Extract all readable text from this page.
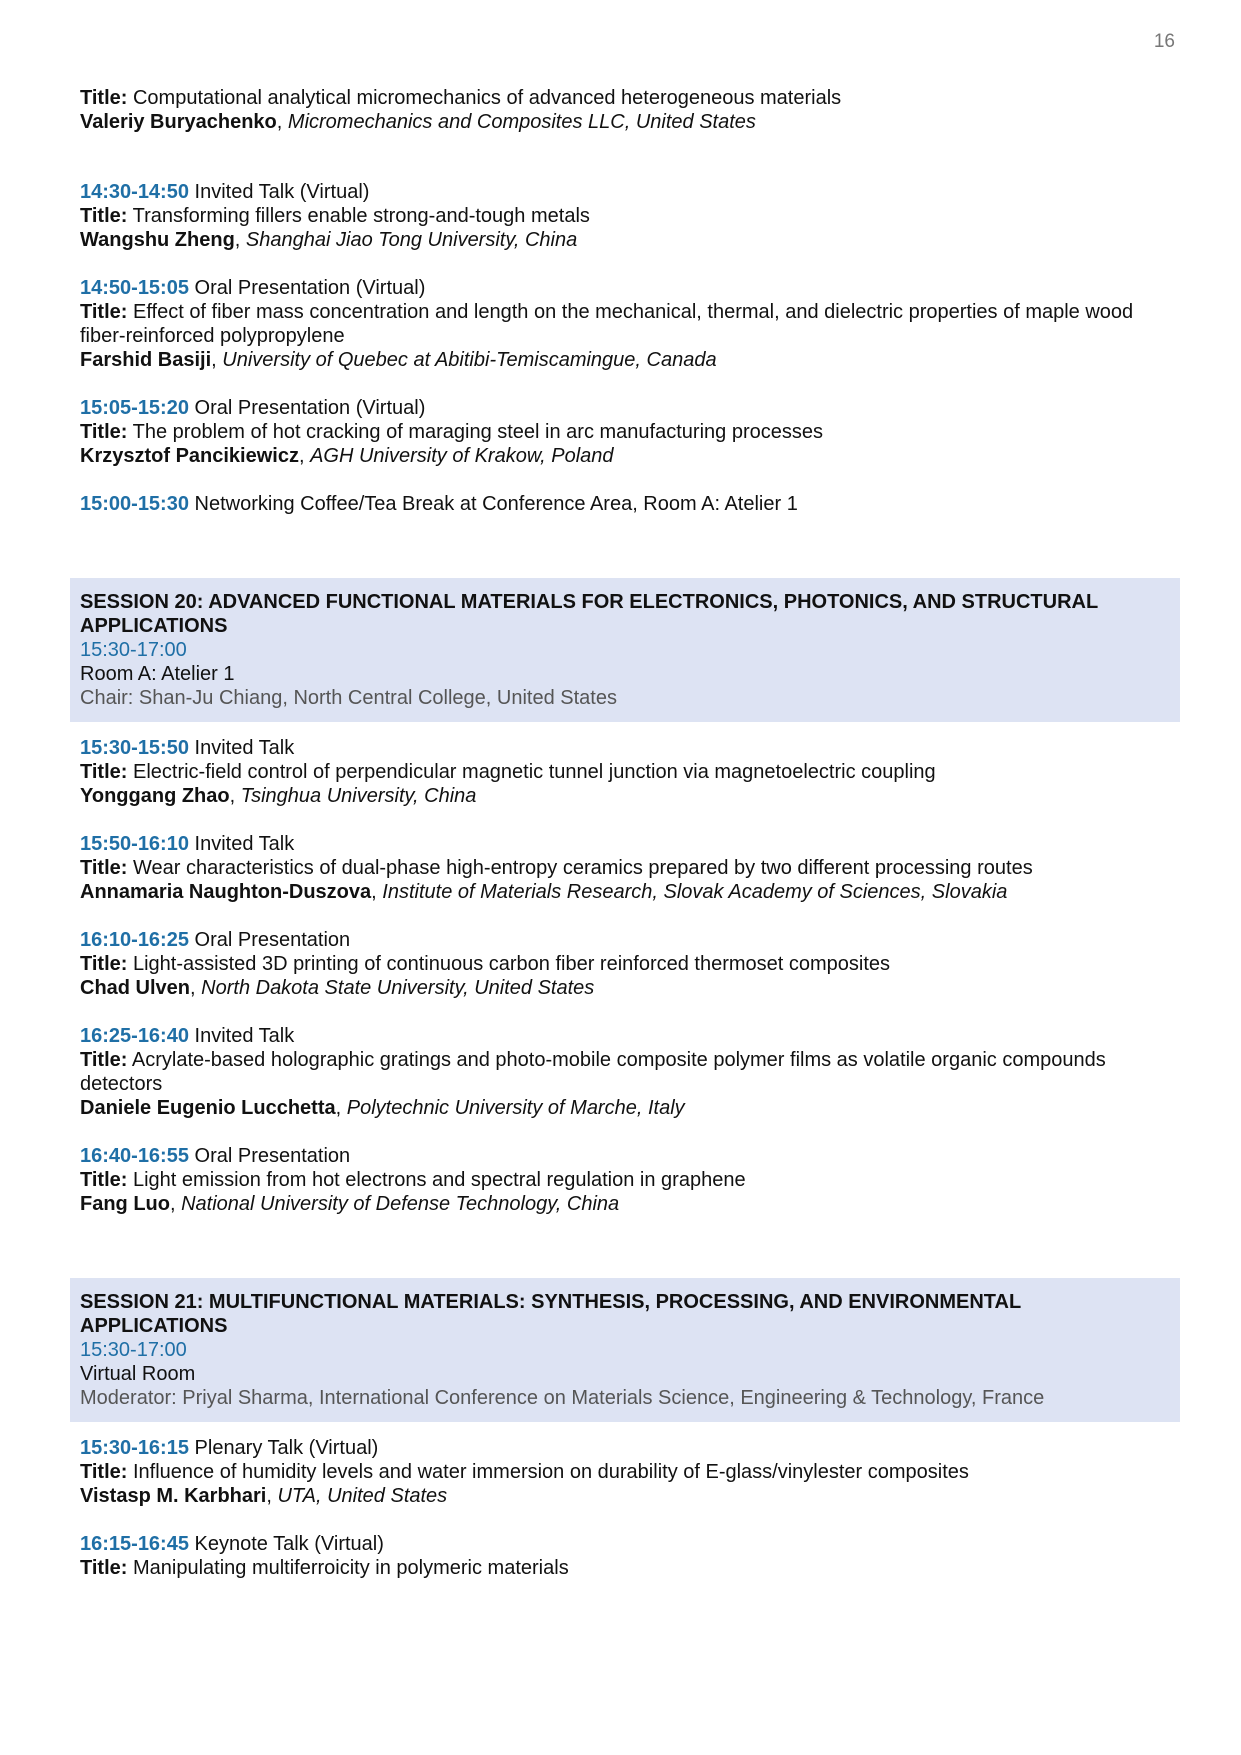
16

Title: Computational analytical micromechanics of advanced heterogeneous materials

Valeriy Buryachenko, Micromechanics and Composites LLC, United States

14:30-14:50 Invited Talk (Virtual)

Title: Transforming fillers enable strong-and-tough metals

Wangshu Zheng, Shanghai Jiao Tong University, China

14:50-15:05 Oral Presentation (Virtual)

Title: Effect of fiber mass concentration and length on the mechanical, thermal, and dielectric properties of maple wood fiber-reinforced polypropylene

Farshid Basiji, University of Quebec at Abitibi-Temiscamingue, Canada

15:05-15:20 Oral Presentation (Virtual)

Title: The problem of hot cracking of maraging steel in arc manufacturing processes

Krzysztof Pancikiewicz, AGH University of Krakow, Poland

15:00-15:30 Networking Coffee/Tea Break at Conference Area, Room A: Atelier 1

SESSION 20: ADVANCED FUNCTIONAL MATERIALS FOR ELECTRONICS, PHOTONICS, AND STRUCTURAL APPLICATIONS

15:30-17:00

Room A: Atelier 1

Chair: Shan-Ju Chiang, North Central College, United States

15:30-15:50 Invited Talk

Title: Electric-field control of perpendicular magnetic tunnel junction via magnetoelectric coupling

Yonggang Zhao, Tsinghua University, China

15:50-16:10 Invited Talk

Title: Wear characteristics of dual-phase high-entropy ceramics prepared by two different processing routes

Annamaria Naughton-Duszova, Institute of Materials Research, Slovak Academy of Sciences, Slovakia

16:10-16:25 Oral Presentation

Title: Light-assisted 3D printing of continuous carbon fiber reinforced thermoset composites

Chad Ulven, North Dakota State University, United States

16:25-16:40 Invited Talk

Title: Acrylate-based holographic gratings and photo-mobile composite polymer films as volatile organic compounds detectors

Daniele Eugenio Lucchetta, Polytechnic University of Marche, Italy

16:40-16:55 Oral Presentation

Title: Light emission from hot electrons and spectral regulation in graphene

Fang Luo, National University of Defense Technology, China

SESSION 21: MULTIFUNCTIONAL MATERIALS: SYNTHESIS, PROCESSING, AND ENVIRONMENTAL APPLICATIONS

15:30-17:00

Virtual Room

Moderator: Priyal Sharma, International Conference on Materials Science, Engineering & Technology, France

15:30-16:15 Plenary Talk (Virtual)

Title: Influence of humidity levels and water immersion on durability of E-glass/vinylester composites

Vistasp M. Karbhari, UTA, United States

16:15-16:45 Keynote Talk (Virtual)

Title: Manipulating multiferroicity in polymeric materials
